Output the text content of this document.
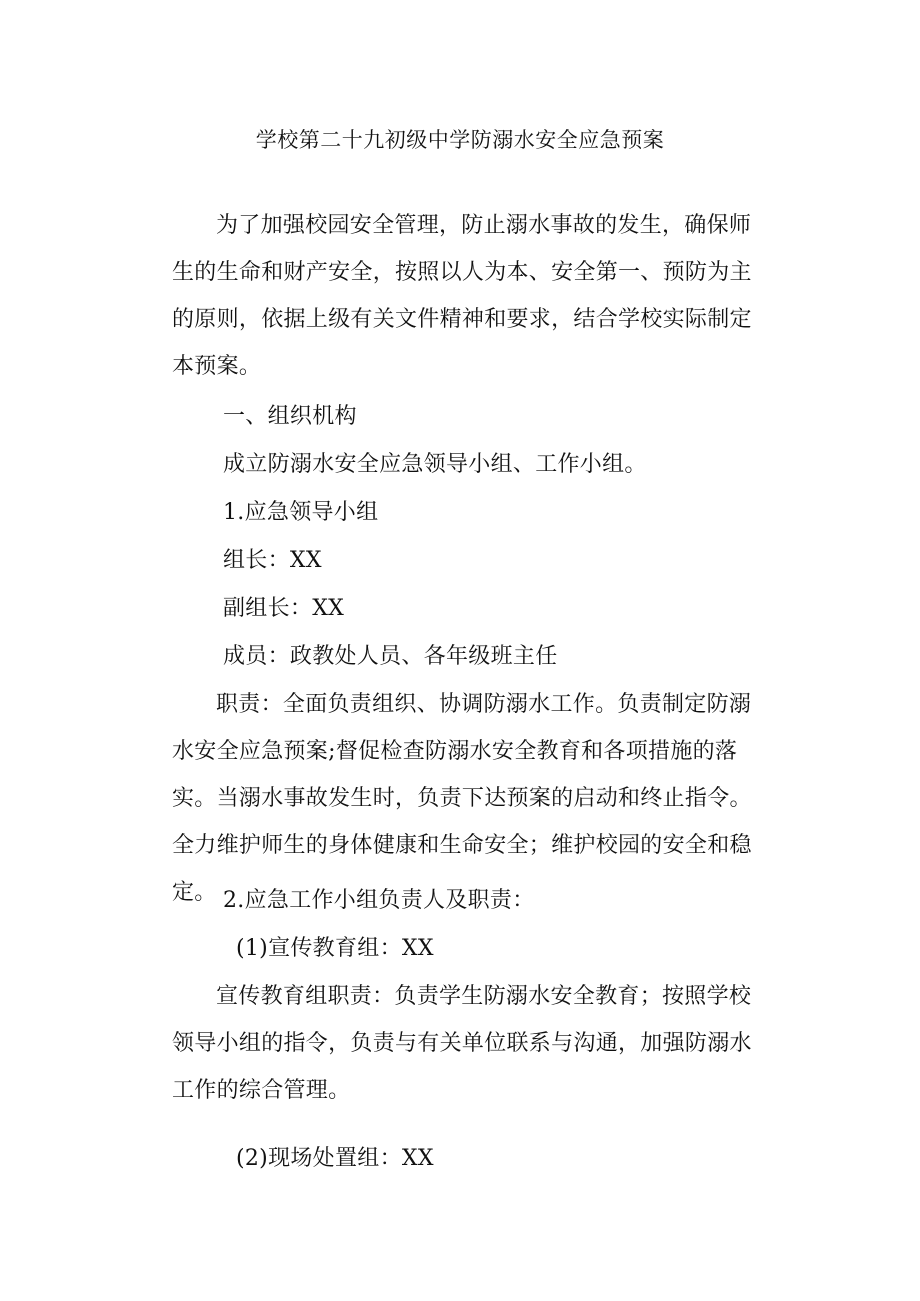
学校第二十九初级中学防溺水安全应急预案

为了加强校园安全管理，防止溺水事故的发生，确保师生的生命和财产安全，按照以人为本、安全第一、预防为主的原则，依据上级有关文件精神和要求，结合学校实际制定本预案。

一、组织机构

成立防溺水安全应急领导小组、工作小组。

1.应急领导小组

组长：XX

副组长：XX

成员：政教处人员、各年级班主任

职责：全面负责组织、协调防溺水工作。负责制定防溺水安全应急预案;督促检查防溺水安全教育和各项措施的落实。当溺水事故发生时，负责下达预案的启动和终止指令。全力维护师生的身体健康和生命安全；维护校园的安全和稳定。 2.应急工作小组负责人及职责：

(1)宣传教育组：XX

宣传教育组职责：负责学生防溺水安全教育；按照学校领导小组的指令，负责与有关单位联系与沟通，加强防溺水工作的综合管理。

(2)现场处置组：XX
